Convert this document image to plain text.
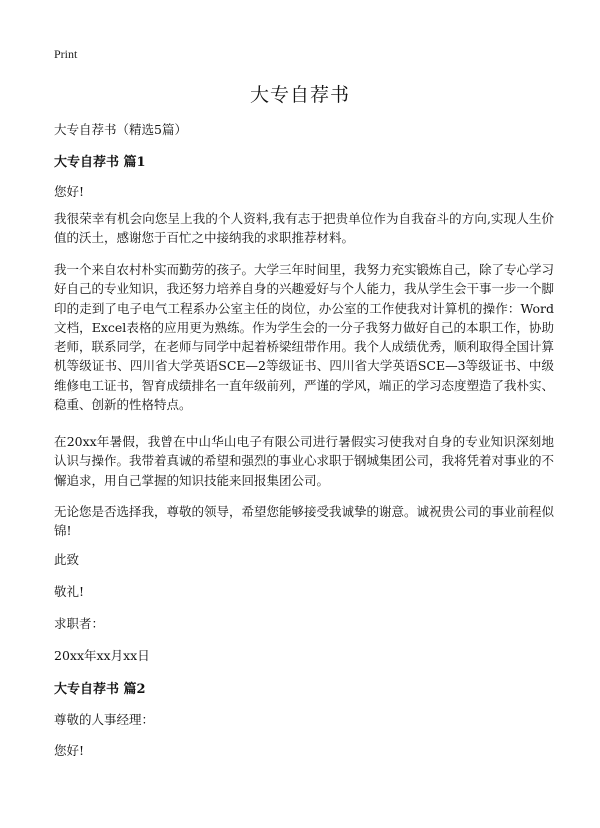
Print
大专自荐书
大专自荐书（精选5篇）
大专自荐书 篇1
您好!

我很荣幸有机会向您呈上我的个人资料,我有志于把贵单位作为自我奋斗的方向,实现人生价值的沃土，感谢您于百忙之中接纳我的求职推荐材料。

我一个来自农村朴实而勤劳的孩子。大学三年时间里，我努力充实锻炼自己，除了专心学习好自己的专业知识，我还努力培养自身的兴趣爱好与个人能力，我从学生会干事一步一个脚印的走到了电子电气工程系办公室主任的岗位，办公室的工作使我对计算机的操作：Word文档，Excel表格的应用更为熟练。作为学生会的一分子我努力做好自己的本职工作，协助老师，联系同学，在老师与同学中起着桥梁纽带作用。我个人成绩优秀，顺利取得全国计算机等级证书、四川省大学英语SCE—2等级证书、四川省大学英语SCE—3等级证书、中级维修电工证书，智育成绩排名一直年级前列，严谨的学风，端正的学习态度塑造了我朴实、稳重、创新的性格特点。

在20xx年暑假，我曾在中山华山电子有限公司进行暑假实习使我对自身的专业知识深刻地认识与操作。我带着真诚的希望和强烈的事业心求职于钢城集团公司，我将凭着对事业的不懈追求，用自己掌握的知识技能来回报集团公司。

无论您是否选择我，尊敬的领导，希望您能够接受我诚挚的谢意。诚祝贵公司的事业前程似锦!

此致
敬礼!
求职者：
20xx年xx月xx日
大专自荐书 篇2
尊敬的人事经理：
您好!
